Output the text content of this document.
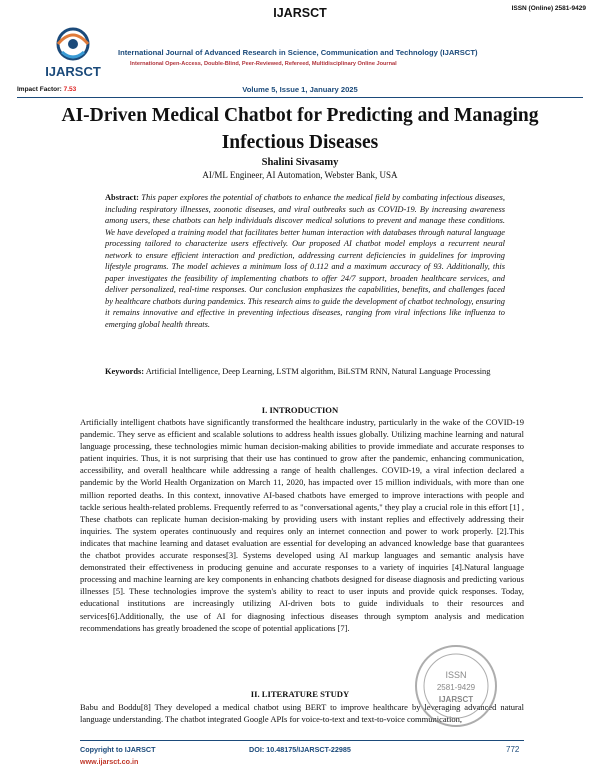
IJARSCT	ISSN (Online) 2581-9429
IJARSCT
International Journal of Advanced Research in Science, Communication and Technology (IJARSCT)
International Open-Access, Double-Blind, Peer-Reviewed, Refereed, Multidisciplinary Online Journal
Impact Factor: 7.53	Volume 5, Issue 1, January 2025
AI-Driven Medical Chatbot for Predicting and Managing Infectious Diseases
Shalini Sivasamy
AI/ML Engineer, AI Automation, Webster Bank, USA
Abstract: This paper explores the potential of chatbots to enhance the medical field by combating infectious diseases, including respiratory illnesses, zoonotic diseases, and viral outbreaks such as COVID-19. By increasing awareness among users, these chatbots can help individuals discover medical solutions to prevent and manage these conditions. We have developed a training model that facilitates better human interaction with databases through natural language processing tailored to characterize users effectively. Our proposed AI chatbot model employs a recurrent neural network to ensure efficient interaction and prediction, addressing current deficiencies in guidelines for improving lifestyle programs. The model achieves a minimum loss of 0.112 and a maximum accuracy of 93. Additionally, this paper investigates the feasibility of implementing chatbots to offer 24/7 support, broaden healthcare services, and deliver personalized, real-time responses. Our conclusion emphasizes the capabilities, benefits, and challenges faced by healthcare chatbots during pandemics. This research aims to guide the development of chatbot technology, ensuring it remains innovative and effective in preventing infectious diseases, ranging from viral infections like influenza to emerging global health threats.
Keywords: Artificial Intelligence, Deep Learning, LSTM algorithm, BiLSTM RNN, Natural Language Processing
I. INTRODUCTION
Artificially intelligent chatbots have significantly transformed the healthcare industry, particularly in the wake of the COVID-19 pandemic. They serve as efficient and scalable solutions to address health issues globally. Utilizing machine learning and natural language processing, these technologies mimic human decision-making abilities to provide immediate and accurate responses to patient inquiries. Thus, it is not surprising that their use has continued to grow after the pandemic, enhancing communication, accessibility, and overall healthcare while addressing a range of health challenges. COVID-19, a viral infection declared a pandemic by the World Health Organization on March 11, 2020, has impacted over 15 million individuals, with more than one million reported deaths. In this context, innovative AI-based chatbots have emerged to improve interactions with people and tackle serious health-related problems. Frequently referred to as "conversational agents," they play a crucial role in this effort [1] , These chatbots can replicate human decision-making by providing users with instant replies and effectively addressing their inquiries. The system operates continuously and requires only an internet connection and power to work properly. [2].This indicates that machine learning and dataset evaluation are essential for developing an advanced knowledge base that guarantees the chatbot provides accurate responses[3]. Systems developed using AI markup languages and semantic analysis have demonstrated their effectiveness in producing genuine and accurate responses to a variety of inquiries [4].Natural language processing and machine learning are key components in enhancing chatbots designed for disease diagnosis and predicting various illnesses [5]. These technologies improve the system's ability to react to user inputs and provide quick responses. Today, educational institutions are increasingly utilizing AI-driven bots to guide individuals to their resources and services[6].Additionally, the use of AI for diagnosing infectious diseases through symptom analysis and medication recommendations has greatly broadened the scope of potential applications [7].
II. LITERATURE STUDY
Babu and Boddu[8] They developed a medical chatbot using BERT to improve healthcare by leveraging advanced natural language understanding. The chatbot integrated Google APIs for voice-to-text and text-to-voice communication,
ISSN
2581-9429
IJARSCT
Copyright to IJARSCT
www.ijarsct.co.in
DOI: 10.48175/IJARSCT-22985	772
